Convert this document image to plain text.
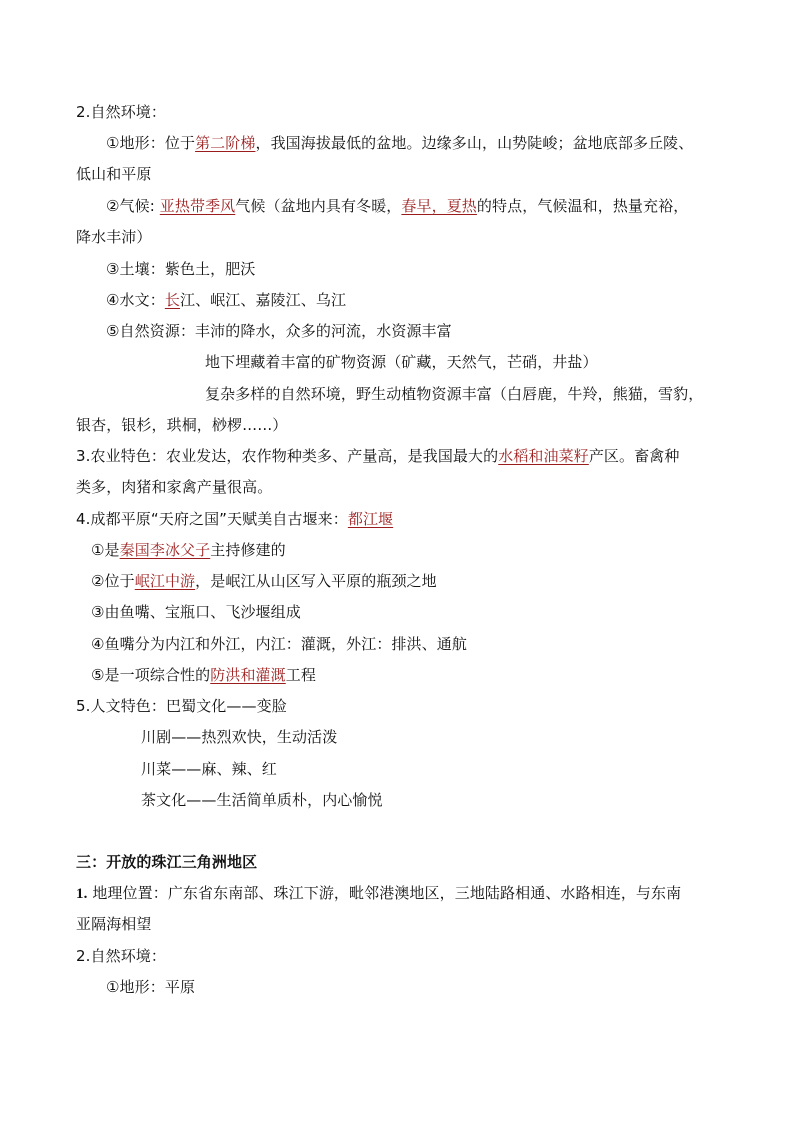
2.自然环境：
①地形：位于第二阶梯，我国海拔最低的盆地。边缘多山，山势陡峻；盆地底部多丘陵、
低山和平原
②气候: 亚热带季风气候（盆地内具有冬暖，春早，夏热的特点，气候温和，热量充裕，
降水丰沛）
③土壤：紫色土，肥沃
④水文：长江、岷江、嘉陵江、乌江
⑤自然资源：丰沛的降水，众多的河流，水资源丰富
地下埋藏着丰富的矿物资源（矿藏，天然气，芒硝，井盐）
复杂多样的自然环境，野生动植物资源丰富（白唇鹿，牛羚，熊猫，雪豹，
银杏，银杉，珙桐，桫椤……）
3.农业特色：农业发达，农作物种类多、产量高，是我国最大的水稻和油菜籽产区。畜禽种
类多，肉猪和家禽产量很高。
4.成都平原“天府之国”天赋美自古堰来：都江堰
①是秦国李冰父子主持修建的
②位于岷江中游，是岷江从山区写入平原的瓶颈之地
③由鱼嘴、宝瓶口、飞沙堰组成
④鱼嘴分为内江和外江，内江：灌溉，外江：排洪、通航
⑤是一项综合性的防洪和灌溉工程
5.人文特色：巴蜀文化——变脸
川剧——热烈欢快，生动活泼
川菜——麻、辣、红
茶文化——生活简单质朴，内心愉悦
三：开放的珠江三角洲地区
1. 地理位置：广东省东南部、珠江下游，毗邻港澳地区，三地陆路相通、水路相连，与东南
亚隔海相望
2.自然环境：
①地形：平原
